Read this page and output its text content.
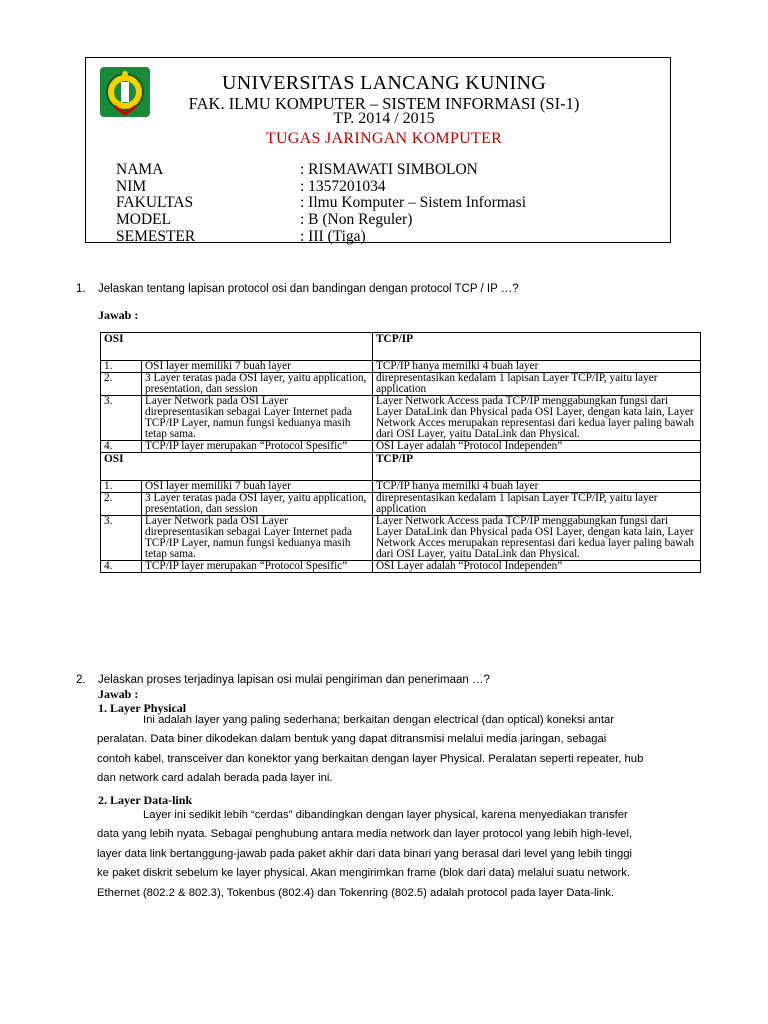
UNIVERSITAS LANCANG KUNING
FAK. ILMU KOMPUTER – SISTEM INFORMASI (SI-1)
TP. 2014 / 2015
TUGAS JARINGAN KOMPUTER
NAMA	: RISMAWATI SIMBOLON
NIM	: 1357201034
FAKULTAS	: Ilmu Komputer – Sistem Informasi
MODEL	: B (Non Reguler)
SEMESTER	: III (Tiga)
1. Jelaskan tentang lapisan protocol osi dan bandingan dengan protocol TCP / IP …?
Jawab :
OSI		TCP/IP
1.	OSI layer memiliki 7 buah layer	TCP/IP hanya memilki 4 buah layer
2.	3 Layer teratas pada OSI layer, yaitu application, presentation, dan session	direpresentasikan kedalam 1 lapisan Layer TCP/IP, yaitu layer application
3.	Layer Network pada OSI Layer direpresentasikan sebagai Layer Internet pada TCP/IP Layer, namun fungsi keduanya masih tetap sama.	Layer Network Access pada TCP/IP menggabungkan fungsi dari Layer DataLink dan Physical pada OSI Layer, dengan kata lain, Layer Network Acces merupakan representasi dari kedua layer paling bawah dari OSI Layer, yaitu DataLink dan Physical.
4.	TCP/IP layer merupakan “Protocol Spesific”	OSI Layer adalah “Protocol Independen”
OSI		TCP/IP
1.	OSI layer memiliki 7 buah layer	TCP/IP hanya memilki 4 buah layer
2.	3 Layer teratas pada OSI layer, yaitu application, presentation, dan session	direpresentasikan kedalam 1 lapisan Layer TCP/IP, yaitu layer application
3.	Layer Network pada OSI Layer direpresentasikan sebagai Layer Internet pada TCP/IP Layer, namun fungsi keduanya masih tetap sama.	Layer Network Access pada TCP/IP menggabungkan fungsi dari Layer DataLink dan Physical pada OSI Layer, dengan kata lain, Layer Network Acces merupakan representasi dari kedua layer paling bawah dari OSI Layer, yaitu DataLink dan Physical.
4.	TCP/IP layer merupakan “Protocol Spesific”	OSI Layer adalah “Protocol Independen”
2. Jelaskan proses terjadinya lapisan osi mulai pengiriman dan penerimaan …?
Jawab :
1. Layer Physical
Ini adalah layer yang paling sederhana; berkaitan dengan electrical (dan optical) koneksi antar
peralatan. Data biner dikodekan dalam bentuk yang dapat ditransmisi melalui media jaringan, sebagai
contoh kabel, transceiver dan konektor yang berkaitan dengan layer Physical. Peralatan seperti repeater, hub
dan network card adalah berada pada layer ini.
2. Layer Data-link
Layer ini sedikit lebih “cerdas” dibandingkan dengan layer physical, karena menyediakan transfer
data yang lebih nyata. Sebagai penghubung antara media network dan layer protocol yang lebih high-level,
layer data link bertanggung-jawab pada paket akhir dari data binari yang berasal dari level yang lebih tinggi
ke paket diskrit sebelum ke layer physical. Akan mengirimkan frame (blok dari data) melalui suatu network.
Ethernet (802.2 & 802.3), Tokenbus (802.4) dan Tokenring (802.5) adalah protocol pada layer Data-link.
